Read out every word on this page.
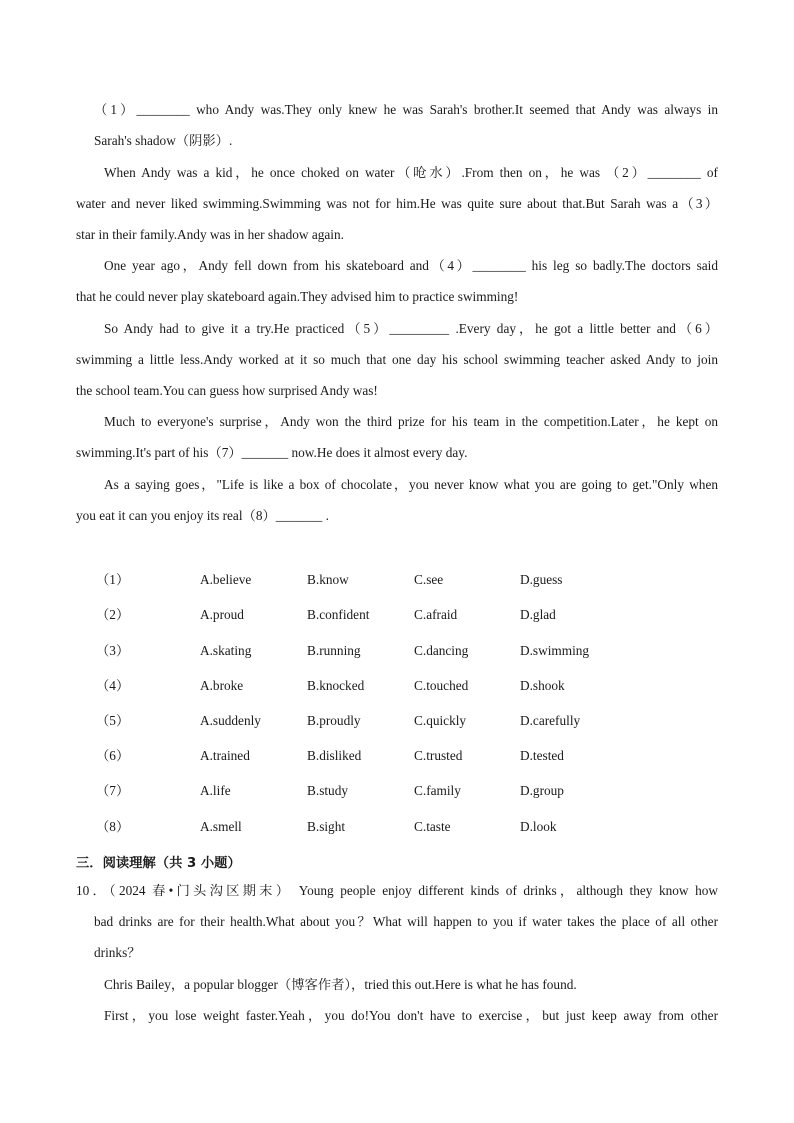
（1）________ who Andy was.They only knew he was Sarah's brother.It seemed that Andy was always in
Sarah's shadow（阴影）.
When Andy was a kid，he once choked on water（呛水）.From then on，he was （2）________ of
water and never liked swimming.Swimming was not for him.He was quite sure about that.But Sarah was a（3）
star in their family.Andy was in her shadow again.
One year ago，Andy fell down from his skateboard and（4）________ his leg so badly.The doctors said
that he could never play skateboard again.They advised him to practice swimming!
So Andy had to give it a try.He practiced（5）_________ .Every day，he got a little better and（6）
swimming a little less.Andy worked at it so much that one day his school swimming teacher asked Andy to join
the school team.You can guess how surprised Andy was!
Much to everyone's surprise，Andy won the third prize for his team in the competition.Later，he kept on
swimming.It's part of his（7）_______ now.He does it almost every day.
As a saying goes，"Life is like a box of chocolate，you never know what you are going to get."Only when
you eat it can you enjoy its real（8）_______ .
（1）	A.believe	B.know	C.see	D.guess
（2）	A.proud	B.confident	C.afraid	D.glad
（3）	A.skating	B.running	C.dancing	D.swimming
（4）	A.broke	B.knocked	C.touched	D.shook
（5）	A.suddenly	B.proudly	C.quickly	D.carefully
（6）	A.trained	B.disliked	C.trusted	D.tested
（7）	A.life	B.study	C.family	D.group
（8）	A.smell	B.sight	C.taste	D.look
三．阅读理解（共 3 小题）
10．（2024 春•门头沟区期末） Young people enjoy different kinds of drinks，although they know how
bad drinks are for their health.What about you？What will happen to you if water takes the place of all other
drinks？
Chris Bailey，a popular blogger（博客作者），tried this out.Here is what he has found.
First，you lose weight faster.Yeah，you do!You don't have to exercise，but just keep away from other
